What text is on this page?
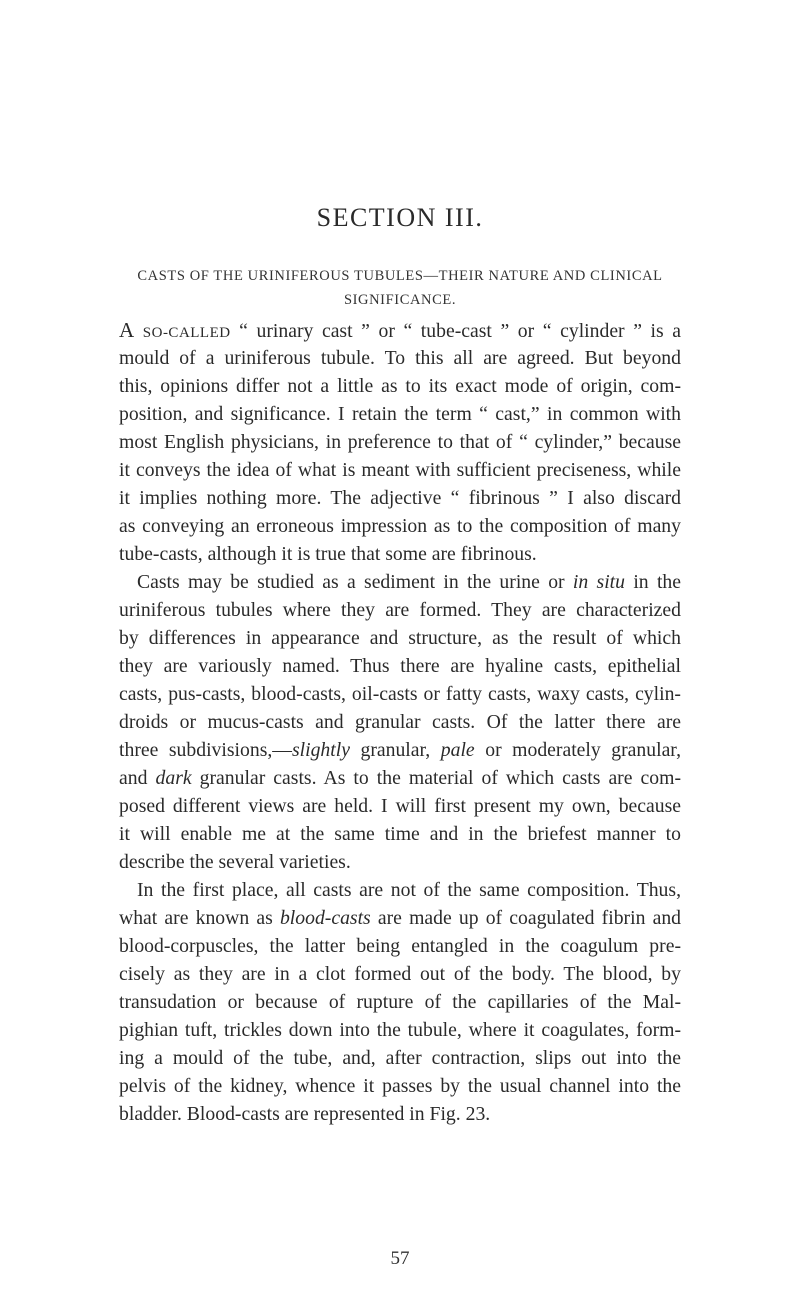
SECTION III.
CASTS OF THE URINIFEROUS TUBULES—THEIR NATURE AND CLINICAL
SIGNIFICANCE.
A SO-CALLED “ urinary cast ” or “ tube-cast ” or “ cylinder ” is a
mould of a uriniferous tubule. To this all are agreed. But beyond
this, opinions differ not a little as to its exact mode of origin, com-
position, and significance. I retain the term “ cast,” in common with
most English physicians, in preference to that of “ cylinder,” because
it conveys the idea of what is meant with sufficient preciseness, while
it implies nothing more. The adjective “ fibrinous ” I also discard
as conveying an erroneous impression as to the composition of many
tube-casts, although it is true that some are fibrinous.
Casts may be studied as a sediment in the urine or in situ in the
uriniferous tubules where they are formed. They are characterized
by differences in appearance and structure, as the result of which
they are variously named. Thus there are hyaline casts, epithelial
casts, pus-casts, blood-casts, oil-casts or fatty casts, waxy casts, cylin-
droids or mucus-casts and granular casts. Of the latter there are
three subdivisions,—slightly granular, pale or moderately granular,
and dark granular casts. As to the material of which casts are com-
posed different views are held. I will first present my own, because
it will enable me at the same time and in the briefest manner to
describe the several varieties.
In the first place, all casts are not of the same composition. Thus,
what are known as blood-casts are made up of coagulated fibrin and
blood-corpuscles, the latter being entangled in the coagulum pre-
cisely as they are in a clot formed out of the body. The blood, by
transudation or because of rupture of the capillaries of the Mal-
pighian tuft, trickles down into the tubule, where it coagulates, form-
ing a mould of the tube, and, after contraction, slips out into the
pelvis of the kidney, whence it passes by the usual channel into the
bladder. Blood-casts are represented in Fig. 23.
57
